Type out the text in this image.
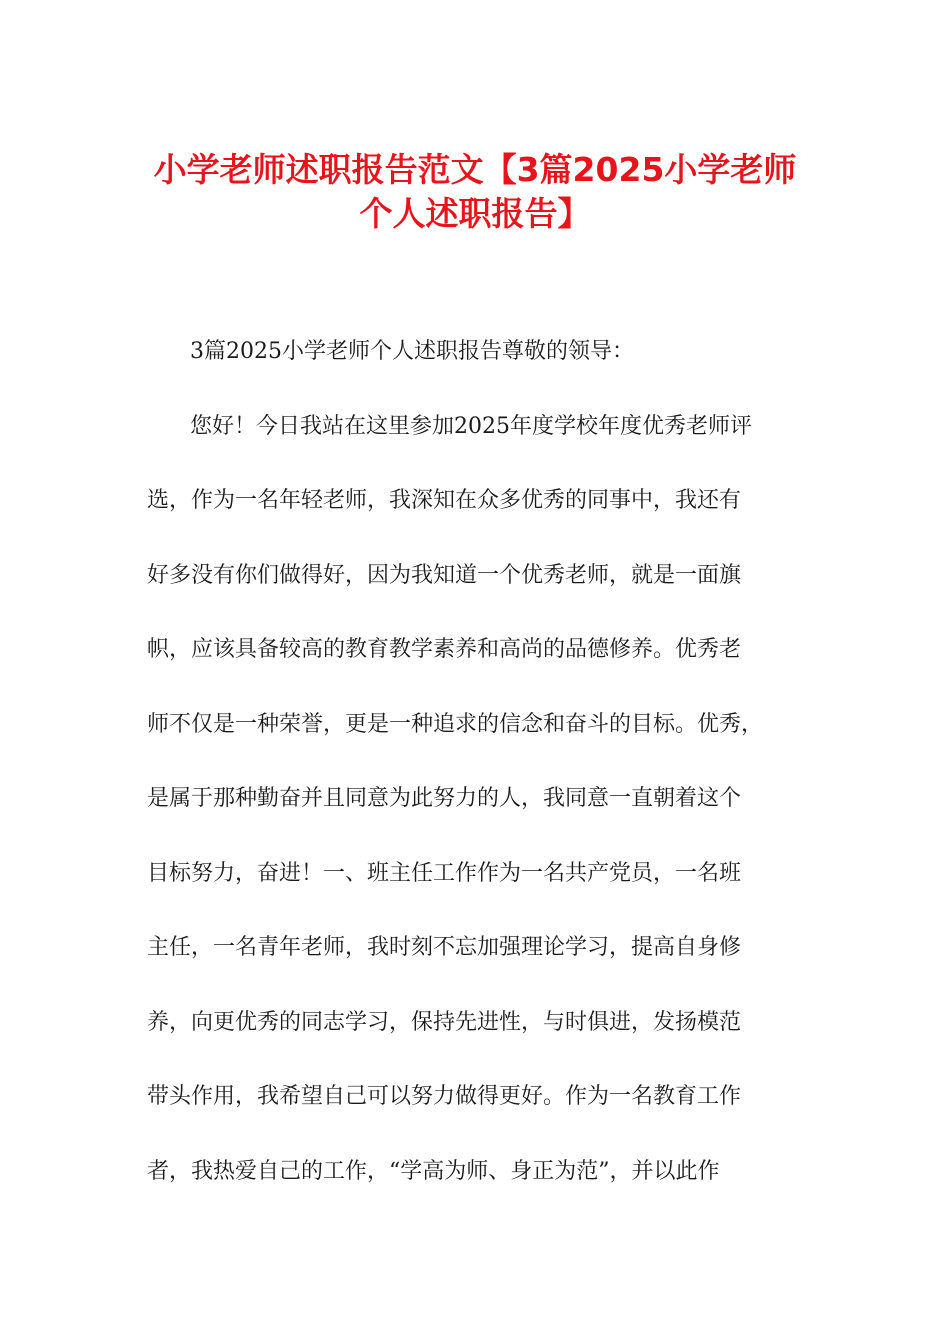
小学老师述职报告范文【3篇2025小学老师
个人述职报告】
3篇2025小学老师个人述职报告尊敬的领导：
您好！今日我站在这里参加2025年度学校年度优秀老师评
选，作为一名年轻老师，我深知在众多优秀的同事中，我还有
好多没有你们做得好，因为我知道一个优秀老师，就是一面旗
帜，应该具备较高的教育教学素养和高尚的品德修养。优秀老
师不仅是一种荣誉，更是一种追求的信念和奋斗的目标。优秀，
是属于那种勤奋并且同意为此努力的人，我同意一直朝着这个
目标努力，奋进！一、班主任工作作为一名共产党员，一名班
主任，一名青年老师，我时刻不忘加强理论学习，提高自身修
养，向更优秀的同志学习，保持先进性，与时俱进，发扬模范
带头作用，我希望自己可以努力做得更好。作为一名教育工作
者，我热爱自己的工作，“学高为师、身正为范”，并以此作
